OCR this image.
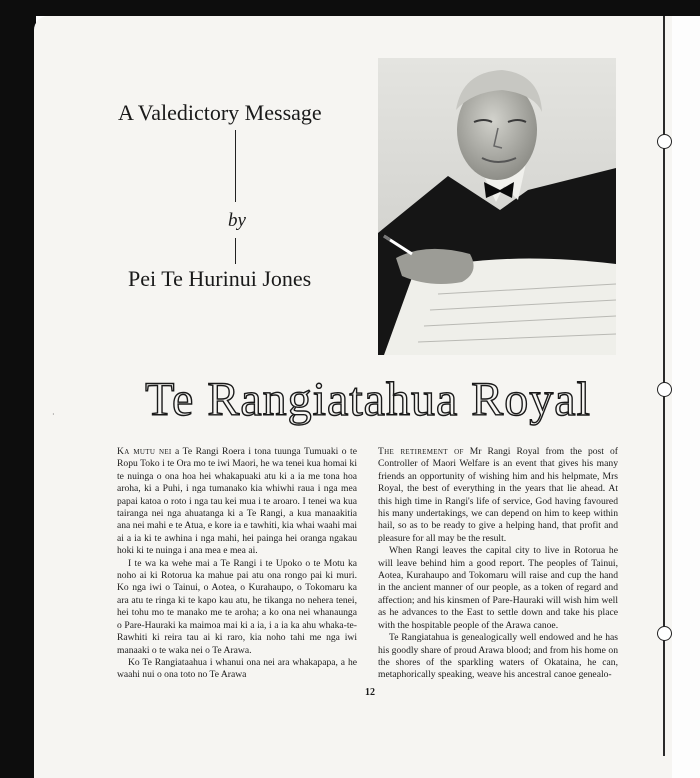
·
A Valedictory Message
by
Pei Te Hurinui Jones
Te Rangiatahua Royal

Ka mutu nei a Te Rangi Roera i tona tuunga Tumuaki o te Ropu Toko i te Ora mo te iwi Maori, he wa tenei kua homai ki te nuinga o ona hoa hei whakapuaki atu ki a ia me tona hoa aroha, ki a Puhi, i nga tumanako kia whiwhi raua i nga mea papai katoa o roto i nga tau kei mua i te aroaro. I tenei wa kua tairanga nei nga ahuatanga ki a Te Rangi, a kua manaakitia ana nei mahi e te Atua, e kore ia e tawhiti, kia whai waahi mai ai a ia ki te awhina i nga mahi, hei painga hei oranga ngakau hoki ki te nuinga i ana mea e mea ai.

I te wa ka wehe mai a Te Rangi i te Upoko o te Motu ka noho ai ki Rotorua ka mahue pai atu ona rongo pai ki muri. Ko nga iwi o Tainui, o Aotea, o Kurahaupo, o Tokomaru ka ara atu te ringa ki te kapo kau atu, he tikanga no nehera tenei, hei tohu mo te manako me te aroha; a ko ona nei whanaunga o Pare-Hauraki ka maimoa mai ki a ia, i a ia ka ahu whaka-te-Rawhiti ki reira tau ai ki raro, kia noho tahi me nga iwi manaaki o te waka nei o Te Arawa.

Ko Te Rangiataahua i whanui ona nei ara whakapapa, a he waahi nui o ona toto no Te Arawa

The retirement of Mr Rangi Royal from the post of Controller of Maori Welfare is an event that gives his many friends an opportunity of wishing him and his helpmate, Mrs Royal, the best of everything in the years that lie ahead. At this high time in Rangi's life of service, God having favoured his many undertakings, we can depend on him to keep within hail, so as to be ready to give a helping hand, that profit and pleasure for all may be the result.

When Rangi leaves the capital city to live in Rotorua he will leave behind him a good report. The peoples of Tainui, Aotea, Kurahaupo and Tokomaru will raise and cup the hand in the ancient manner of our people, as a token of regard and affection; and his kinsmen of Pare-Hauraki will wish him well as he advances to the East to settle down and take his place with the hospitable people of the Arawa canoe.

Te Rangiatahua is genealogically well endowed and he has his goodly share of proud Arawa blood; and from his home on the shores of the sparkling waters of Okataina, he can, metaphorically speaking, weave his ancestral canoe genealo-

12
